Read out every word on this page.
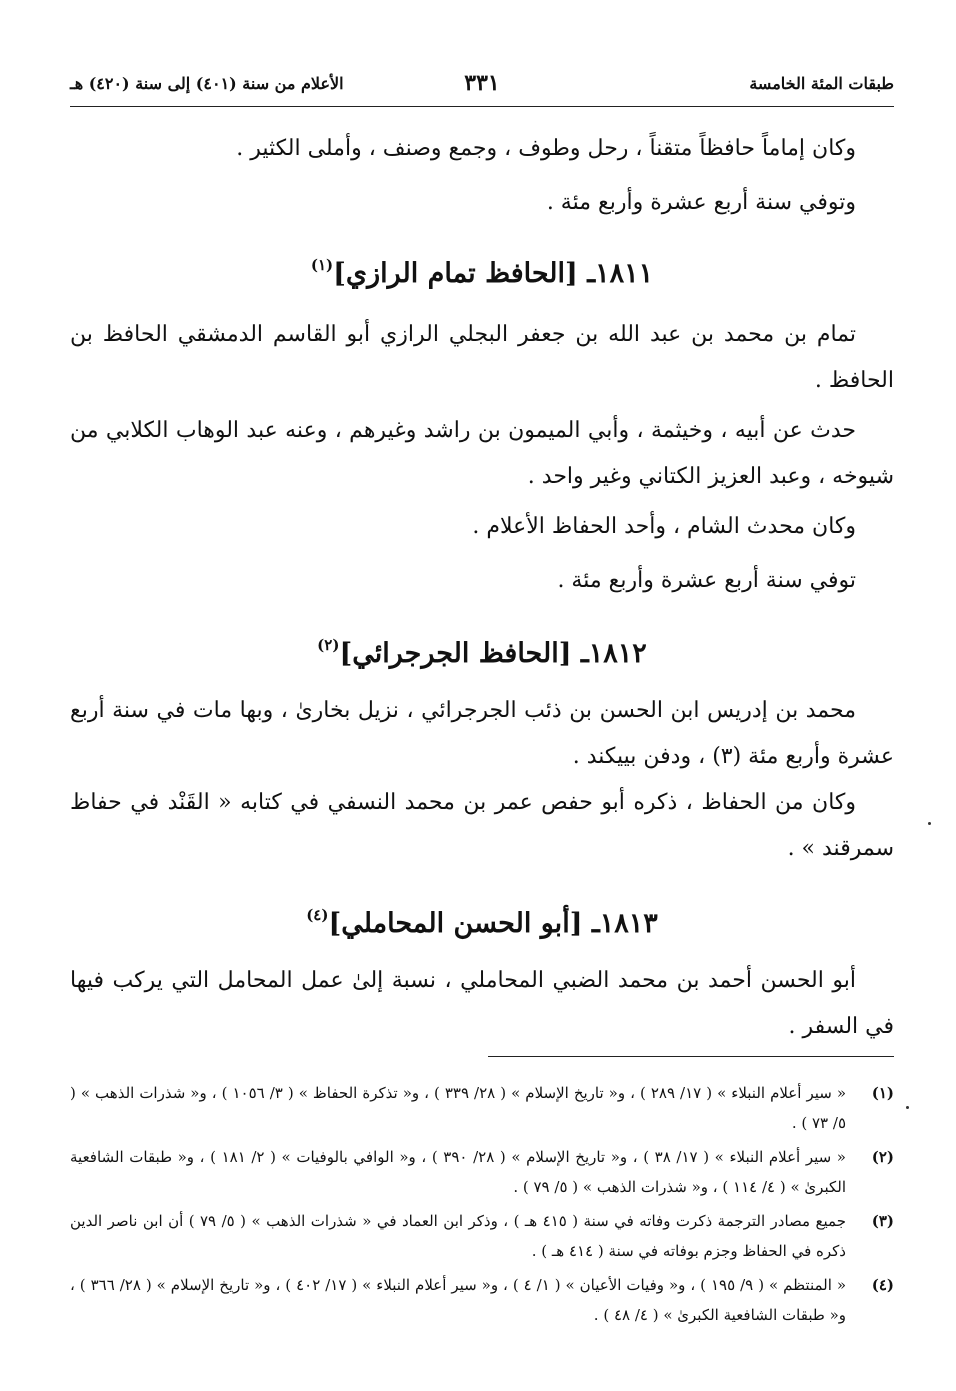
طبقات المئة الخامسة
٣٣١
الأعلام من سنة (٤٠١) إلى سنة (٤٢٠) هـ
وكان إماماً حافظاً متقناً ، رحل وطوف ، وجمع وصنف ، وأملى الكثير .
وتوفي سنة أربع عشرة وأربع مئة .
١٨١١ـ [الحافظ تمام الرازي]$^{(١)}$
تمام بن محمد بن عبد الله بن جعفر البجلي الرازي أبو القاسم الدمشقي الحافظ بن الحافظ .
حدث عن أبيه ، وخيثمة ، وأبي الميمون بن راشد وغيرهم ، وعنه عبد الوهاب الكلابي من شيوخه ، وعبد العزيز الكتاني وغير واحد .
وكان محدث الشام ، وأحد الحفاظ الأعلام .
توفي سنة أربع عشرة وأربع مئة .
١٨١٢ـ [الحافظ الجرجرائي]$^{(٢)}$
محمد بن إدريس ابن الحسن بن ذئب الجرجرائي ، نزيل بخارىٰ ، وبها مات في سنة أربع عشرة وأربع مئة (٣) ، ودفن بييكند .
وكان من الحفاظ ، ذكره أبو حفص عمر بن محمد النسفي في كتابه « القَنْد في حفاظ سمرقند » .
١٨١٣ـ [أبو الحسن المحاملي]$^{(٤)}$
أبو الحسن أحمد بن محمد الضبي المحاملي ، نسبة إلىٰ عمل المحامل التي يركب فيها في السفر .
(١)
« سير أعلام النبلاء » ( ١٧/ ٢٨٩ ) ، و« تاريخ الإسلام » ( ٢٨/ ٣٣٩ ) ، و« تذكرة الحفاظ » ( ٣/ ١٠٥٦ ) ، و« شذرات الذهب » ( ٥/ ٧٣ ) .
(٢)
« سير أعلام النبلاء » ( ١٧/ ٣٨ ) ، و« تاريخ الإسلام » ( ٢٨/ ٣٩٠ ) ، و« الوافي بالوفيات » ( ٢/ ١٨١ ) ، و« طبقات الشافعية الكبرىٰ » ( ٤/ ١١٤ ) ، و« شذرات الذهب » ( ٥/ ٧٩ ) .
(٣)
جميع مصادر الترجمة ذكرت وفاته في سنة ( ٤١٥ هـ ) ، وذكر ابن العماد في « شذرات الذهب » ( ٥/ ٧٩ ) أن ابن ناصر الدين ذكره في الحفاظ وجزم بوفاته في سنة ( ٤١٤ هـ ) .
(٤)
« المنتظم » ( ٩/ ١٩٥ ) ، و« وفيات الأعيان » ( ١/ ٤ ) ، و« سير أعلام النبلاء » ( ١٧/ ٤٠٢ ) ، و« تاريخ الإسلام » ( ٢٨/ ٣٦٦ ) ، و« طبقات الشافعية الكبرىٰ » ( ٤/ ٤٨ ) .
